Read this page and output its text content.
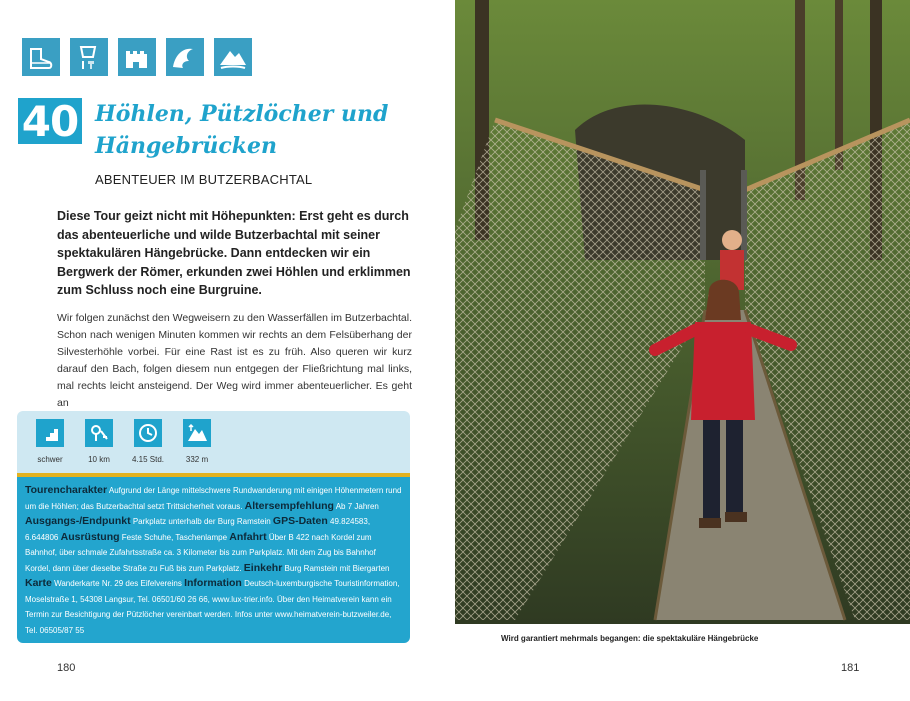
40 Höhlen, Pützlöcher und
Hängebrücken
ABENTEUER IM BUTZERBACHTAL
Diese Tour geizt nicht mit Höhepunkten: Erst geht es durch das abenteuerliche und wilde Butzerbachtal mit seiner spektakulären Hängebrücke. Dann entdecken wir ein Bergwerk der Römer, erkunden zwei Höhlen und erklimmen zum Schluss noch eine Burgruine.
Wir folgen zunächst den Wegweisern zu den Wasserfällen im Butzerbachtal. Schon nach wenigen Minuten kommen wir rechts an dem Felsüberhang der Silvesterhöhle vorbei. Für eine Rast ist es zu früh. Also queren wir kurz darauf den Bach, folgen diesem nun entgegen der Fließrichtung mal links, mal rechts leicht ansteigend. Der Weg wird immer abenteuerlicher. Es geht an
schwer	10 km	4.15 Std.	332 m
Tourencharakter Aufgrund der Länge mittelschwere Rundwanderung mit einigen Höhenmetern rund um die Höhlen; das Butzerbachtal setzt Trittsicherheit voraus. Altersempfehlung Ab 7 Jahren Ausgangs-/Endpunkt Parkplatz unterhalb der Burg Ramstein GPS-Daten 49.824583, 6.644806 Ausrüstung Feste Schuhe, Taschenlampe Anfahrt Über B 422 nach Kordel zum Bahnhof, über schmale Zufahrtsstraße ca. 3 Kilometer bis zum Parkplatz. Mit dem Zug bis Bahnhof Kordel, dann über dieselbe Straße zu Fuß bis zum Parkplatz. Einkehr Burg Ramstein mit Biergarten Karte Wanderkarte Nr. 29 des Eifelvereins Information Deutsch-luxemburgische Touristinformation, Moselstraße 1, 54308 Langsur, Tel. 06501/60 26 66, www.lux-trier.info. Über den Heimatverein kann ein Termin zur Besichtigung der Pützlöcher vereinbart werden. Infos unter www.heimatverein-butzweiler.de, Tel. 06505/87 55
180
Wird garantiert mehrmals begangen: die spektakuläre Hängebrücke
181
